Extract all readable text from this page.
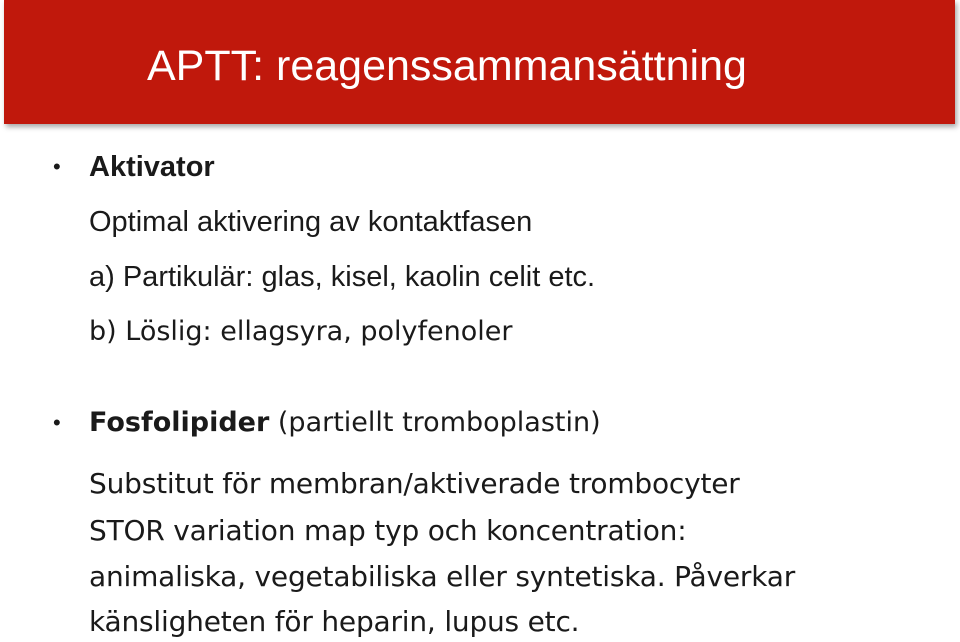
APTT: reagenssammansättning
• Aktivator
Optimal aktivering av kontaktfasen
a) Partikulär: glas, kisel, kaolin celit etc.
b) Löslig: ellagsyra, polyfenoler
• Fosfolipider (partiellt tromboplastin)
Substitut för membran/aktiverade trombocyter
STOR variation map typ och koncentration:
animaliska, vegetabiliska eller syntetiska. Påverkar
känsligheten för heparin, lupus etc.
